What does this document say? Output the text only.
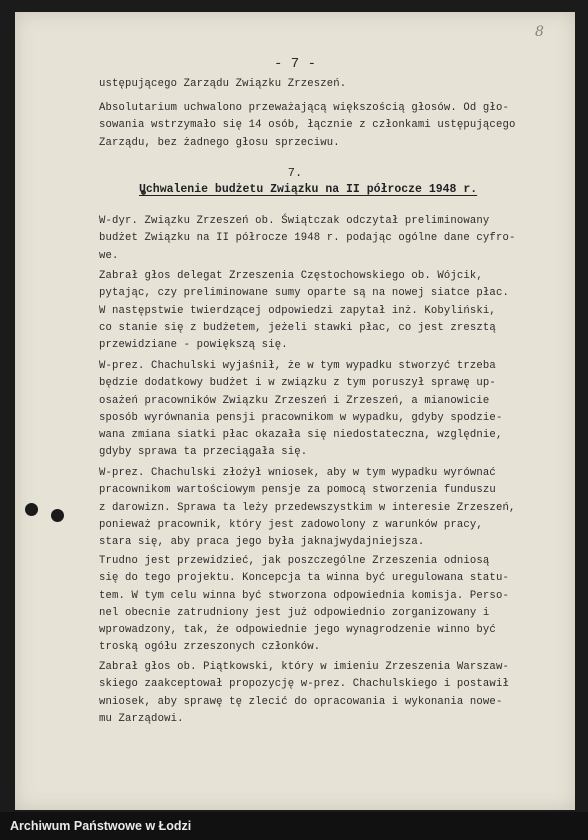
8
- 7 -
ustępującego Zarządu Związku Zrzeszeń.
Absolutarium uchwalono przeważającą większością głosów. Od gło-
sowania wstrzymało się 14 osób, łącznie z członkami ustępującego
Zarządu, bez żadnego głosu sprzeciwu.
7.
Uchwalenie budżetu Związku na II półrocze 1948 r.
W-dyr. Związku Zrzeszeń ob. Świątczak odczytał preliminowany
budżet Związku na II półrocze 1948 r. podając ogólne dane cyfro-
we.
Zabrał głos delegat Zrzeszenia Częstochowskiego ob. Wójcik,
pytając, czy preliminowane sumy oparte są na nowej siatce płac.
W następstwie twierdzącej odpowiedzi zapytał inż. Kobyliński,
co stanie się z budżetem, jeżeli stawki płac, co jest zresztą
przewidziane - powiększą się.
W-prez. Chachulski wyjaśnił, że w tym wypadku stworzyć trzeba
będzie dodatkowy budżet i w związku z tym poruszył sprawę up-
osażeń pracowników Związku Zrzeszeń i Zrzeszeń, a mianowicie
sposób wyrównania pensji pracownikom w wypadku, gdyby spodzie-
wana zmiana siatki płac okazała się niedostateczna, względnie,
gdyby sprawa ta przeciągała się.
W-prez. Chachulski złożył wniosek, aby w tym wypadku wyrównać
pracownikom wartościowym pensje za pomocą stworzenia funduszu
z darowizn. Sprawa ta leży przedewszystkim w interesie Zrzeszeń,
ponieważ pracownik, który jest zadowolony z warunków pracy,
stara się, aby praca jego była jaknajwydajniejsza.
Trudno jest przewidzieć, jak poszczególne Zrzeszenia odniosą
się do tego projektu. Koncepcja ta winna być uregulowana statu-
tem. W tym celu winna być stworzona odpowiednia komisja. Perso-
nel obecnie zatrudniony jest już odpowiednio zorganizowany i
wprowadzony, tak, że odpowiednie jego wynagrodzenie winno być
troską ogółu zrzeszonych członków.
Zabrał głos ob. Piątkowski, który w imieniu Zrzeszenia Warszaw-
skiego zaakceptował propozycję w-prez. Chachulskiego i postawił
wniosek, aby sprawę tę zlecić do opracowania i wykonania nowe-
mu Zarządowi.
Archiwum Państwowe w Łodzi
